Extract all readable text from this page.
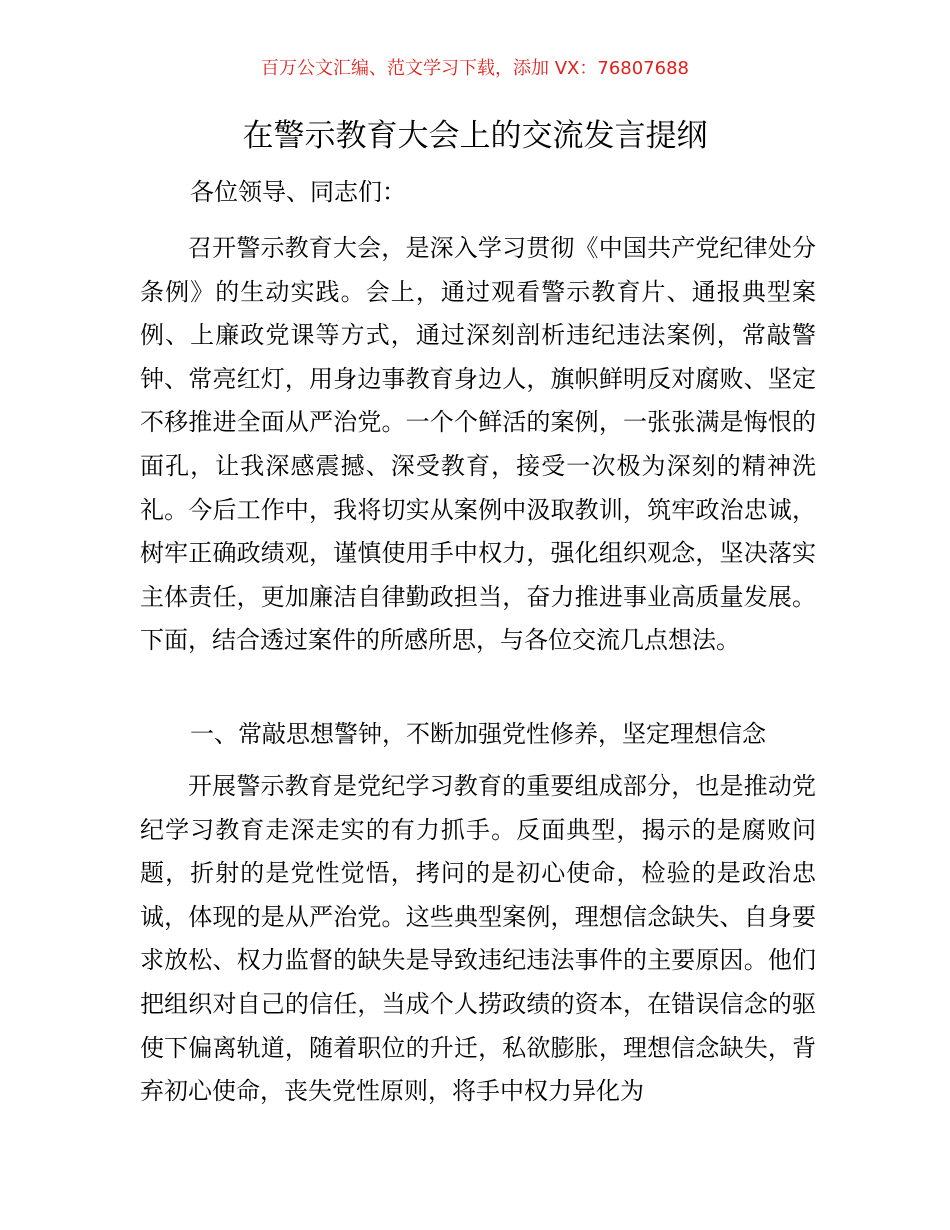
百万公文汇编、范文学习下载，添加 VX：76807688
在警示教育大会上的交流发言提纲
各位领导、同志们：

召开警示教育大会，是深入学习贯彻《中国共产党纪律处分条例》的生动实践。会上，通过观看警示教育片、通报典型案例、上廉政党课等方式，通过深刻剖析违纪违法案例，常敲警钟、常亮红灯，用身边事教育身边人，旗帜鲜明反对腐败、坚定不移推进全面从严治党。一个个鲜活的案例，一张张满是悔恨的面孔，让我深感震撼、深受教育，接受一次极为深刻的精神洗礼。今后工作中，我将切实从案例中汲取教训，筑牢政治忠诚，树牢正确政绩观，谨慎使用手中权力，强化组织观念，坚决落实主体责任，更加廉洁自律勤政担当，奋力推进事业高质量发展。下面，结合透过案件的所感所思，与各位交流几点想法。

一、常敲思想警钟，不断加强党性修养，坚定理想信念

开展警示教育是党纪学习教育的重要组成部分，也是推动党纪学习教育走深走实的有力抓手。反面典型，揭示的是腐败问题，折射的是党性觉悟，拷问的是初心使命，检验的是政治忠诚，体现的是从严治党。这些典型案例，理想信念缺失、自身要求放松、权力监督的缺失是导致违纪违法事件的主要原因。他们把组织对自己的信任，当成个人捞政绩的资本，在错误信念的驱使下偏离轨道，随着职位的升迁，私欲膨胀，理想信念缺失，背弃初心使命，丧失党性原则，将手中权力异化为
